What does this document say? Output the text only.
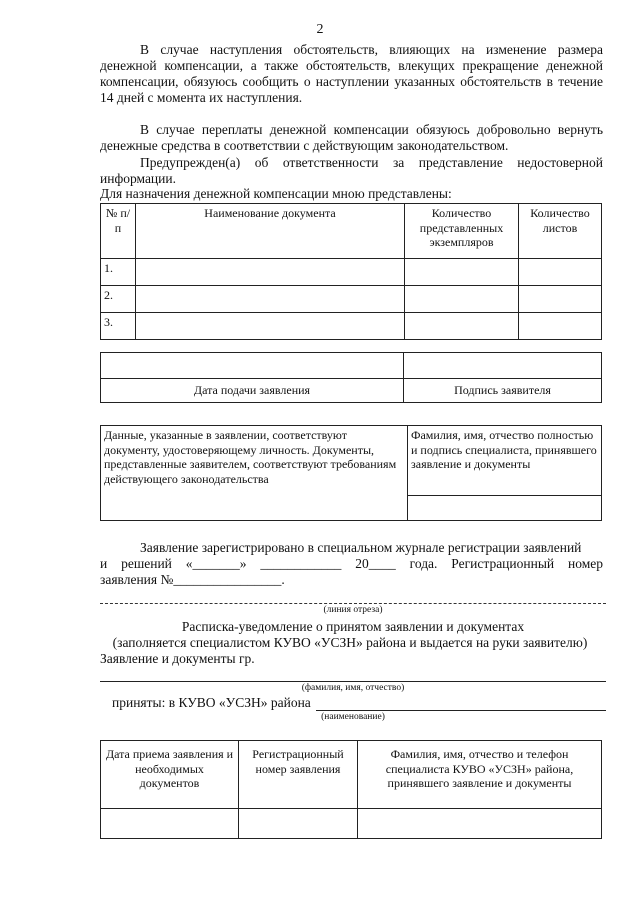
2
В случае наступления обстоятельств, влияющих на изменение размера денежной компенсации, а также обстоятельств, влекущих прекращение денежной компенсации, обязуюсь сообщить о наступлении указанных обстоятельств в течение 14 дней с момента их наступления.
В случае переплаты денежной компенсации обязуюсь добровольно вернуть денежные средства в соответствии с действующим законодательством.
Предупрежден(а) об ответственности за представление недостоверной информации.
Для назначения денежной компенсации мною представлены:
№ п/п	Наименование документа	Количество представленных экземпляров	Количество листов
1.			
2.			
3.			

Дата подачи заявления	Подпись заявителя
Данные, указанные в заявлении, соответствуют документу, удостоверяющему личность. Документы, представленные заявителем, соответствуют требованиям действующего законодательства	Фамилия, имя, отчество полностью и подпись специалиста, принявшего заявление и документы

Заявление зарегистрировано в специальном журнале регистрации заявлений
и решений «_______» ____________ 20____ года. Регистрационный номер
заявления №________________.
(линия отреза)
Расписка-уведомление о принятом заявлении и документах
(заполняется специалистом КУВО «УСЗН» района и выдается на руки заявителю)
Заявление и документы гр.
(фамилия, имя, отчество)
приняты: в КУВО «УСЗН» района
(наименование)
Дата приема заявления и необходимых документов	Регистрационный номер заявления	Фамилия, имя, отчество и телефон специалиста КУВО «УСЗН» района, принявшего заявление и документы
